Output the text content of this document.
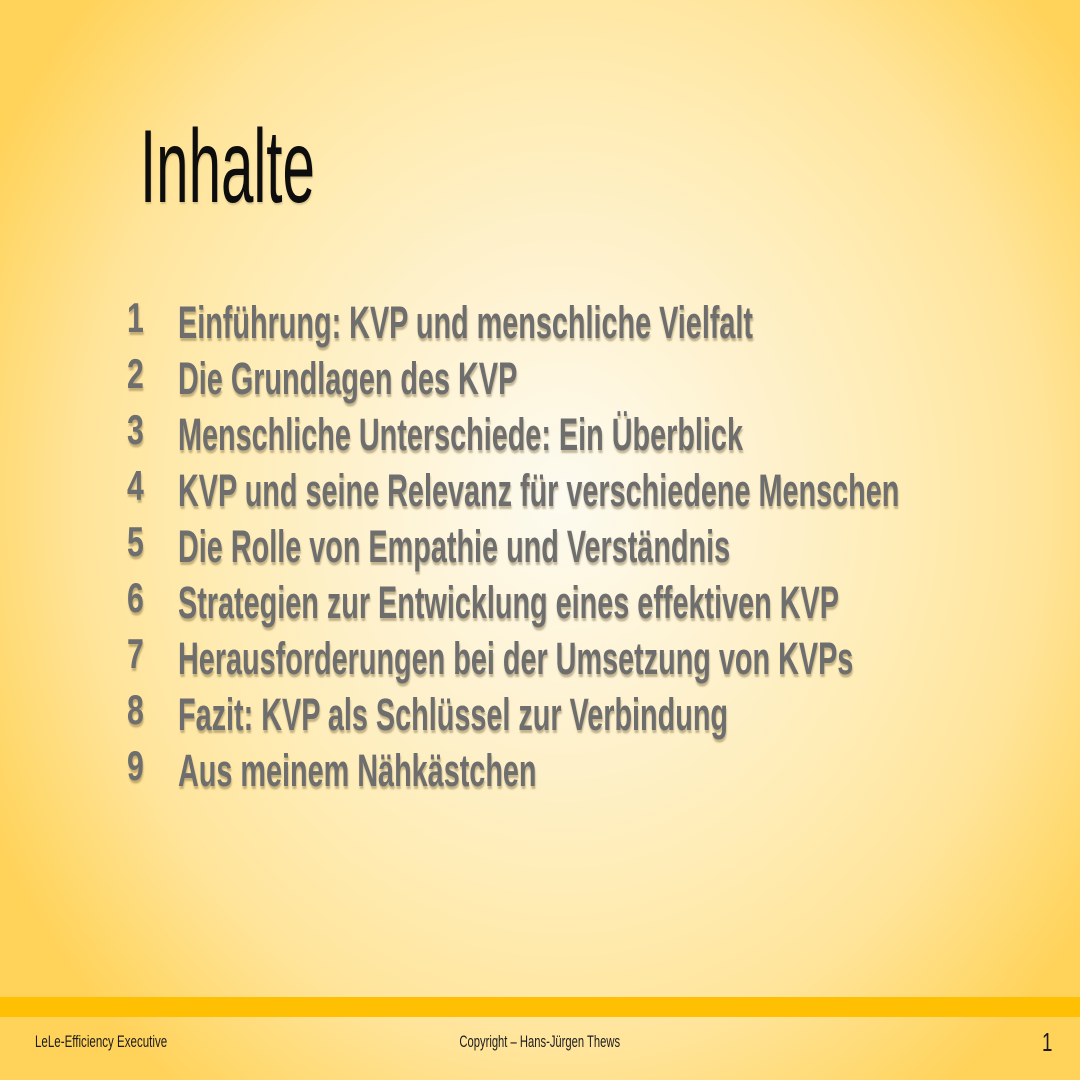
Inhalte
1 Einführung: KVP und menschliche Vielfalt
2 Die Grundlagen des KVP
3 Menschliche Unterschiede: Ein Überblick
4 KVP und seine Relevanz für verschiedene Menschen
5 Die Rolle von Empathie und Verständnis
6 Strategien zur Entwicklung eines effektiven KVP
7 Herausforderungen bei der Umsetzung von KVPs
8 Fazit: KVP als Schlüssel zur Verbindung
9 Aus meinem Nähkästchen
LeLe-Efficiency Executive	Copyright – Hans-Jürgen Thews	1
